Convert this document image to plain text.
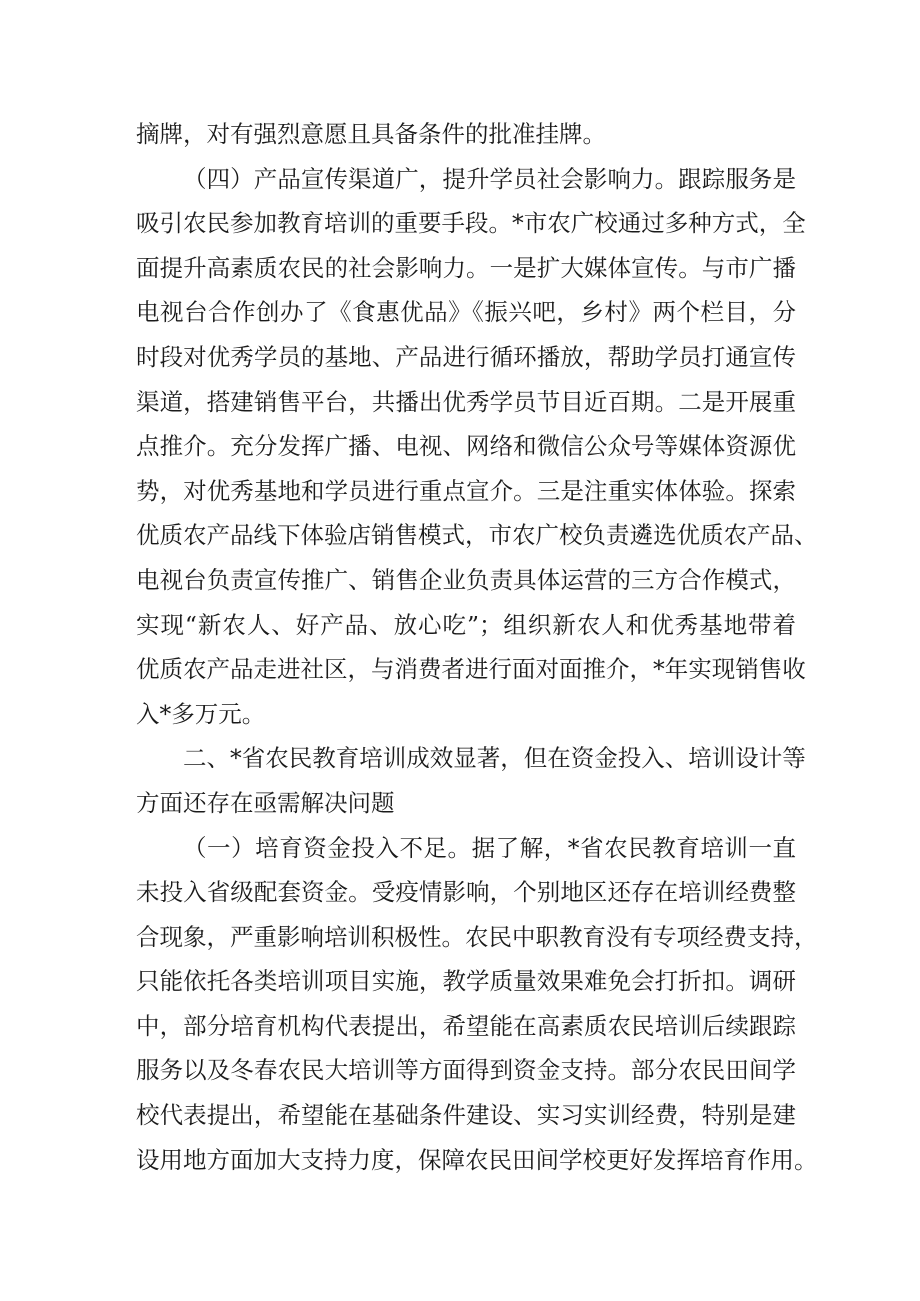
摘牌，对有强烈意愿且具备条件的批准挂牌。
（四）产品宣传渠道广，提升学员社会影响力。跟踪服务是
吸引农民参加教育培训的重要手段。*市农广校通过多种方式，全
面提升高素质农民的社会影响力。一是扩大媒体宣传。与市广播
电视台合作创办了《食惠优品》《振兴吧，乡村》两个栏目，分
时段对优秀学员的基地、产品进行循环播放，帮助学员打通宣传
渠道，搭建销售平台，共播出优秀学员节目近百期。二是开展重
点推介。充分发挥广播、电视、网络和微信公众号等媒体资源优
势，对优秀基地和学员进行重点宣介。三是注重实体体验。探索
优质农产品线下体验店销售模式，市农广校负责遴选优质农产品、
电视台负责宣传推广、销售企业负责具体运营的三方合作模式，
实现“新农人、好产品、放心吃”；组织新农人和优秀基地带着
优质农产品走进社区，与消费者进行面对面推介，*年实现销售收
入*多万元。
二、*省农民教育培训成效显著，但在资金投入、培训设计等
方面还存在亟需解决问题
（一）培育资金投入不足。据了解，*省农民教育培训一直
未投入省级配套资金。受疫情影响，个别地区还存在培训经费整
合现象，严重影响培训积极性。农民中职教育没有专项经费支持，
只能依托各类培训项目实施，教学质量效果难免会打折扣。调研
中，部分培育机构代表提出，希望能在高素质农民培训后续跟踪
服务以及冬春农民大培训等方面得到资金支持。部分农民田间学
校代表提出，希望能在基础条件建设、实习实训经费，特别是建
设用地方面加大支持力度，保障农民田间学校更好发挥培育作用。
